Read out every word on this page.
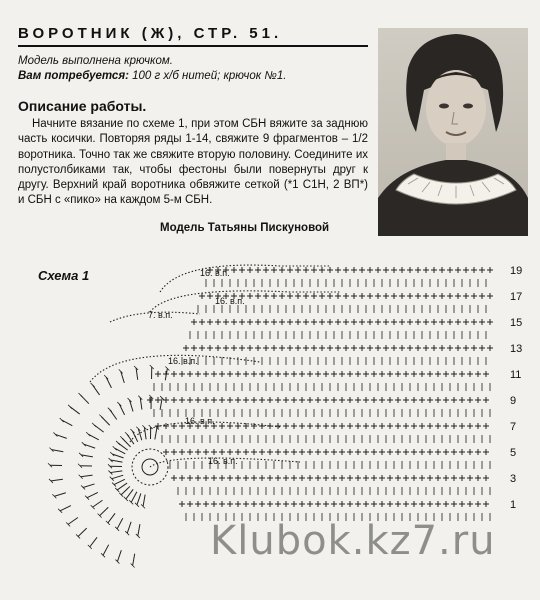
ВОРОТНИК (Ж), СТР. 51.
Модель выполнена крючком.
Вам потребуется: 100 г х/б нитей; крючок №1.
Описание работы.

Начните вязание по схеме 1, при этом СБН вяжите за заднюю часть косички. Повторяя ряды 1-14, свяжите 9 фрагментов – 1/2 воротника. Точно так же свяжите вторую половину. Соедините их полустолбиками так, чтобы фестоны были повернуты друг к другу. Верхний край воротника обвяжите сеткой (*1 С1Н, 2 ВП*) и СБН с «пико» на каждом 5-м СБН.

Модель Татьяны Пискуновой
Схема 1	16. в.п.
16. в.п.
7. в.п.
16. в.п.
16. в.п.
16. в.п.
19
17
15
13
11
9
7
5
3
1
Klubok.kz7.ru
